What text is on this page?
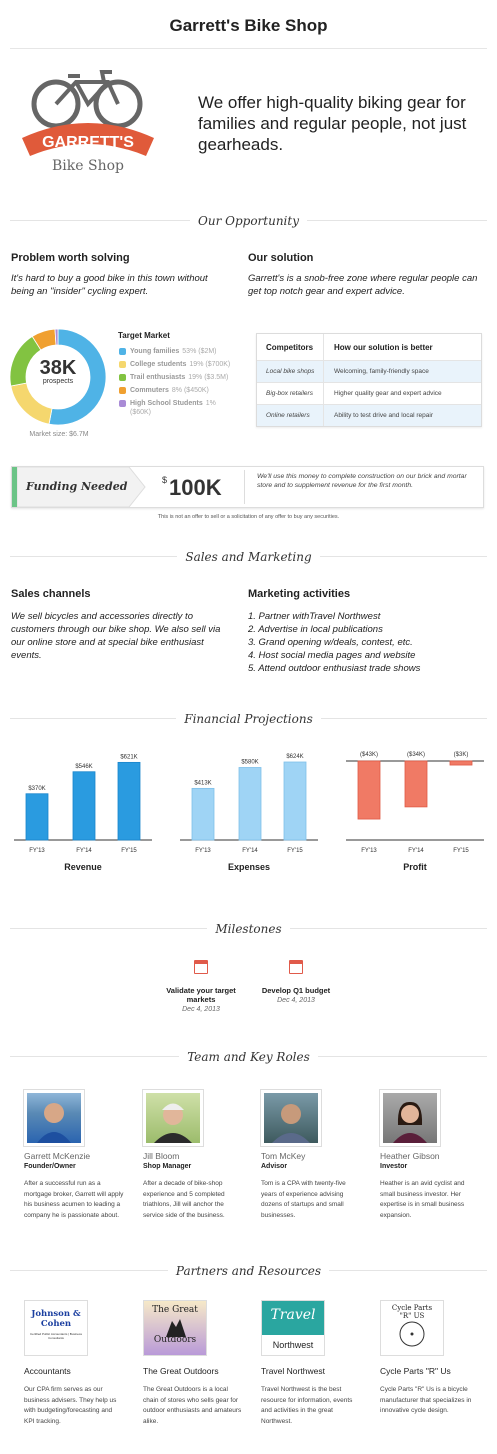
Garrett's Bike Shop
GARRETT'S
Bike Shop
We offer high-quality biking gear for families and regular people, not just gearheads.
Our Opportunity
Problem worth solving
It's hard to buy a good bike in this town without being an "insider" cycling expert.
Our solution
Garrett's is a snob-free zone where regular people can get top notch gear and expert advice.
38K
prospects
Market size: $6.7M
Target Market
Young families 53% ($2M)
College students 19% ($700K)
Trail enthusiasts 19% ($3.5M)
Commuters 8% ($450K)
High School Students 1% ($60K)
Competitors	How our solution is better
Local bike shops	Welcoming, family-friendly space
Big-box retailers	Higher quality gear and expert advice
Online retailers	Ability to test drive and local repair
Funding Needed	$ 100K	We'll use this money to complete construction on our brick and mortar store and to supplement revenue for the first month.
This is not an offer to sell or a solicitation of any offer to buy any securities.
Sales and Marketing
Sales channels
We sell bicycles and accessories directly to customers through our bike shop. We also sell via our online store and at special bike enthusiast events.
Marketing activities
1. Partner withTravel Northwest
2. Advertise in local publications
3. Grand opening w/deals, contest, etc.
4. Host social media pages and website
5. Attend outdoor enthusiast trade shows
Financial Projections
$370K
FY'13
$546K
FY'14
$621K
FY'15
Revenue
$413K
FY'13
$580K
FY'14
$624K
FY'15
Expenses
($43K)
FY'13
($34K)
FY'14
($3K)
FY'15
Profit
Milestones
Validate your target markets
Dec 4, 2013
Develop Q1 budget
Dec 4, 2013
Team and Key Roles
Garrett McKenzie
Founder/Owner
After a successful run as a mortgage broker, Garrett will apply his business acumen to leading a company he is passionate about.
Jill Bloom
Shop Manager
After a decade of bike-shop experience and 5 completed triathlons, Jill will anchor the service side of the business.
Tom McKey
Advisor
Tom is a CPA with twenty-five years of experience advising dozens of startups and small businesses.
Heather Gibson
Investor
Heather is an avid cyclist and small business investor. Her expertise is in small business expansion.
Partners and Resources
Johnson & Cohen
Certified Public Accountants | Business Consultants
The Great
Outdoors
Travel
Northwest
Cycle Parts
"R" US
Accountants
Our CPA firm serves as our business advisers. They help us with budgeting/forecasting and KPI tracking.
The Great Outdoors
The Great Outdoors is a local chain of stores who sells gear for outdoor enthusiasts and amateurs alike.
Travel Northwest
Travel Northwest is the best resource for information, events and activities in the great Northwest.
Cycle Parts "R" Us
Cycle Parts "R" Us is a bicycle manufacturer that specializes in innovative cycle design.
